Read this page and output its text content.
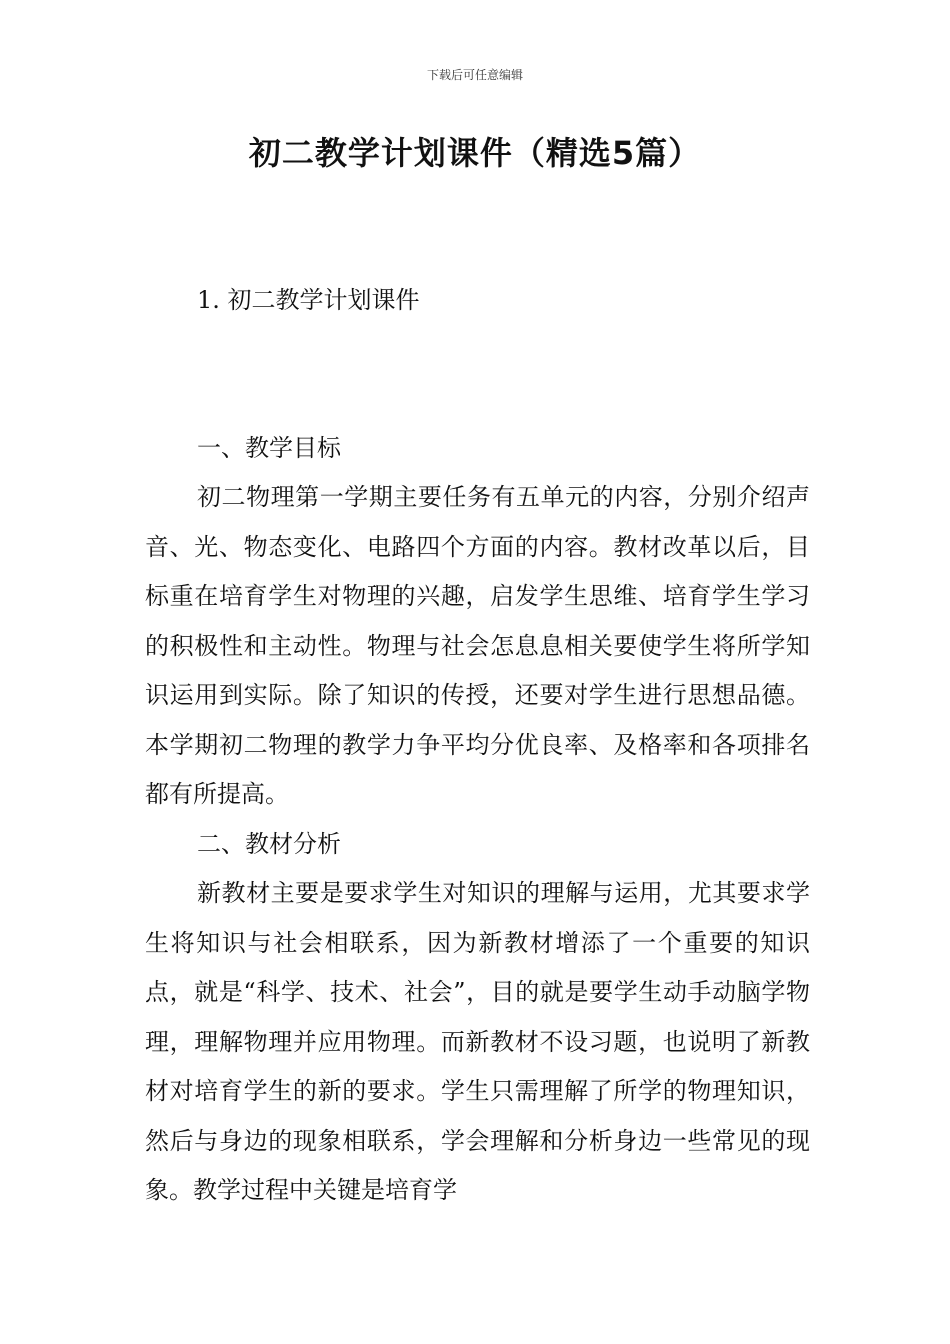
下载后可任意编辑
初二教学计划课件（精选5篇）

1. 初二教学计划课件

一、教学目标

初二物理第一学期主要任务有五单元的内容，分别介绍声音、光、物态变化、电路四个方面的内容。教材改革以后，目标重在培育学生对物理的兴趣，启发学生思维、培育学生学习的积极性和主动性。物理与社会怎息息相关要使学生将所学知识运用到实际。除了知识的传授，还要对学生进行思想品德。本学期初二物理的教学力争平均分优良率、及格率和各项排名都有所提高。

二、教材分析

新教材主要是要求学生对知识的理解与运用，尤其要求学生将知识与社会相联系，因为新教材增添了一个重要的知识点，就是“科学、技术、社会”，目的就是要学生动手动脑学物理，理解物理并应用物理。而新教材不设习题，也说明了新教材对培育学生的新的要求。学生只需理解了所学的物理知识，然后与身边的现象相联系，学会理解和分析身边一些常见的现象。教学过程中关键是培育学
